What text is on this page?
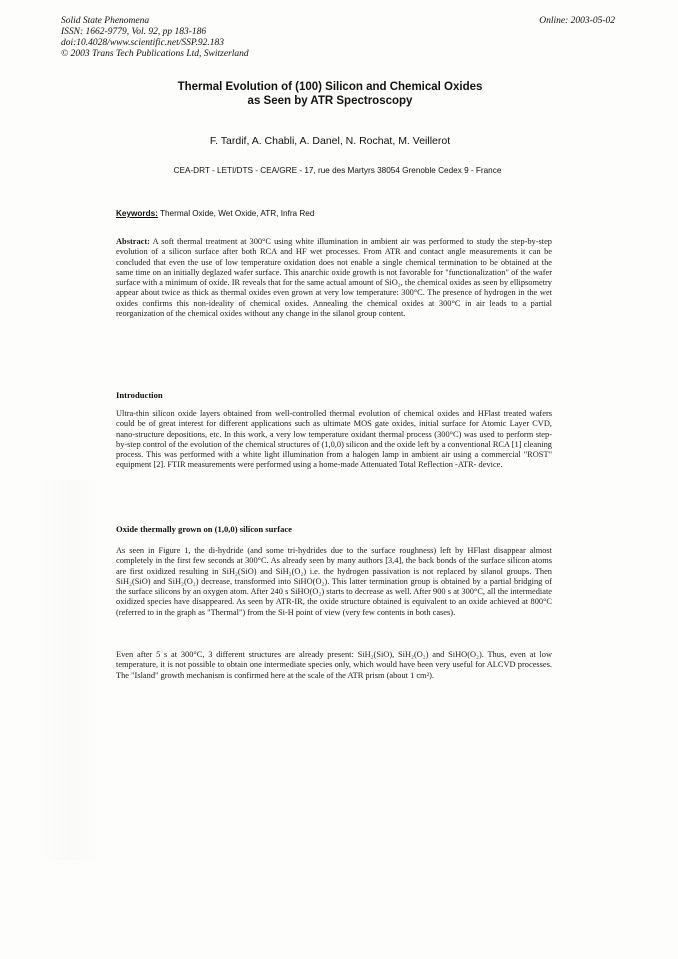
Solid State Phenomena
ISSN: 1662-9779, Vol. 92, pp 183-186
doi:10.4028/www.scientific.net/SSP.92.183
© 2003 Trans Tech Publications Ltd, Switzerland
Online: 2003-05-02
Thermal Evolution of (100) Silicon and Chemical Oxides
as Seen by ATR Spectroscopy
F. Tardif, A. Chabli, A. Danel, N. Rochat, M. Veillerot
CEA-DRT - LETI/DTS - CEA/GRE - 17, rue des Martyrs 38054 Grenoble Cedex 9 - France
Keywords: Thermal Oxide, Wet Oxide, ATR, Infra Red
Abstract: A soft thermal treatment at 300°C using white illumination in ambient air was performed to study the step-by-step evolution of a silicon surface after both RCA and HF wet processes. From ATR and contact angle measurements it can be concluded that even the use of low temperature oxidation does not enable a single chemical termination to be obtained at the same time on an initially deglazed wafer surface. This anarchic oxide growth is not favorable for "functionalization" of the wafer surface with a minimum of oxide. IR reveals that for the same actual amount of SiO₂, the chemical oxides as seen by ellipsometry appear about twice as thick as thermal oxides even grown at very low temperature: 300°C. The presence of hydrogen in the wet oxides confirms this non-ideality of chemical oxides. Annealing the chemical oxides at 300°C in air leads to a partial reorganization of the chemical oxides without any change in the silanol group content.
Introduction
Ultra-thin silicon oxide layers obtained from well-controlled thermal evolution of chemical oxides and HFlast treated wafers could be of great interest for different applications such as ultimate MOS gate oxides, initial surface for Atomic Layer CVD, nano-structure depositions, etc. In this work, a very low temperature oxidant thermal process (300°C) was used to perform step-by-step control of the evolution of the chemical structures of (1,0,0) silicon and the oxide left by a conventional RCA [1] cleaning process. This was performed with a white light illumination from a halogen lamp in ambient air using a commercial "ROST" equipment [2]. FTIR measurements were performed using a home-made Attenuated Total Reflection -ATR- device.
Oxide thermally grown on (1,0,0) silicon surface
As seen in Figure 1, the di-hydride (and some tri-hydrides due to the surface roughness) left by HFlast disappear almost completely in the first few seconds at 300°C. As already seen by many authors [3,4], the back bonds of the surface silicon atoms are first oxidized resulting in SiH₂(SiO) and SiH₂(O₂) i.e. the hydrogen passivation is not replaced by silanol groups. Then SiH₂(SiO) and SiH₂(O₂) decrease, transformed into SiHO(O₂). This latter termination group is obtained by a partial bridging of the surface silicons by an oxygen atom. After 240 s SiHO(O₂) starts to decrease as well. After 900 s at 300°C, all the intermediate oxidized species have disappeared. As seen by ATR-IR, the oxide structure obtained is equivalent to an oxide achieved at 800°C (referred to in the graph as "Thermal") from the Si-H point of view (very few contents in both cases).
Even after 5 s at 300°C, 3 different structures are already present: SiH₂(SiO), SiH₂(O₂) and SiHO(O₂). Thus, even at low temperature, it is not possible to obtain one intermediate species only, which would have been very useful for ALCVD processes. The "Island" growth mechanism is confirmed here at the scale of the ATR prism (about 1 cm²).
